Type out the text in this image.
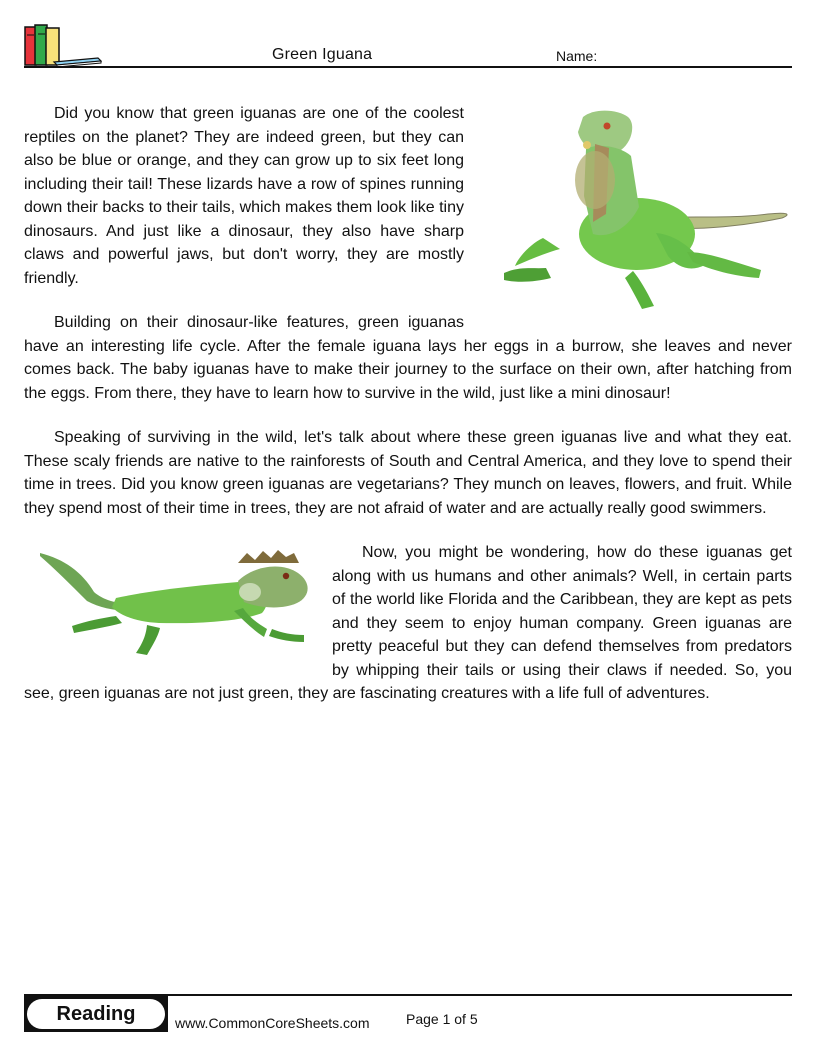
Green Iguana	Name:

Did you know that green iguanas are one of the coolest reptiles on the planet? They are indeed green, but they can also be blue or orange, and they can grow up to six feet long including their tail! These lizards have a row of spines running down their backs to their tails, which makes them look like tiny dinosaurs. And just like a dinosaur, they also have sharp claws and powerful jaws, but don't worry, they are mostly friendly.

Building on their dinosaur-like features, green iguanas have an interesting life cycle. After the female iguana lays her eggs in a burrow, she leaves and never comes back. The baby iguanas have to make their journey to the surface on their own, after hatching from the eggs. From there, they have to learn how to survive in the wild, just like a mini dinosaur!

Speaking of surviving in the wild, let's talk about where these green iguanas live and what they eat. These scaly friends are native to the rainforests of South and Central America, and they love to spend their time in trees. Did you know green iguanas are vegetarians? They munch on leaves, flowers, and fruit. While they spend most of their time in trees, they are not afraid of water and are actually really good swimmers.

Now, you might be wondering, how do these iguanas get along with us humans and other animals? Well, in certain parts of the world like Florida and the Caribbean, they are kept as pets and they seem to enjoy human company. Green iguanas are pretty peaceful but they can defend themselves from predators by whipping their tails or using their claws if needed. So, you see, green iguanas are not just green, they are fascinating creatures with a life full of adventures.

Reading	www.CommonCoreSheets.com	Page 1 of 5
